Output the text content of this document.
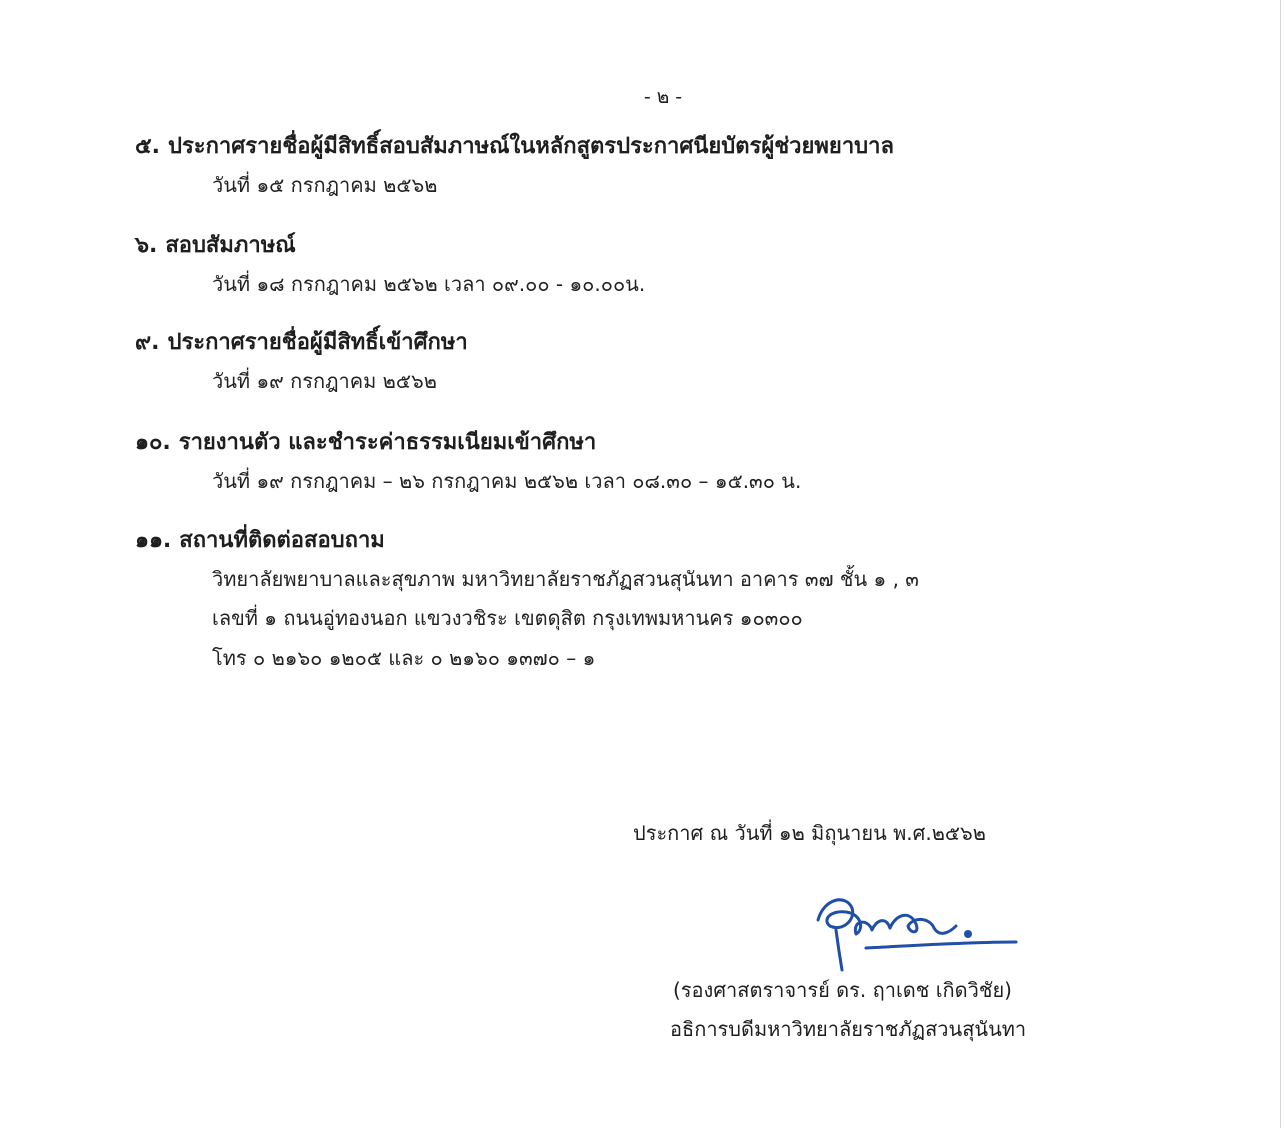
- ๒ -
๕. ประกาศรายชื่อผู้มีสิทธิ์สอบสัมภาษณ์ในหลักสูตรประกาศนียบัตรผู้ช่วยพยาบาล
วันที่ ๑๕ กรกฎาคม ๒๕๖๒
๖. สอบสัมภาษณ์
วันที่ ๑๘ กรกฎาคม ๒๕๖๒ เวลา ๐๙.๐๐ - ๑๐.๐๐น.
๙. ประกาศรายชื่อผู้มีสิทธิ์เข้าศึกษา
วันที่ ๑๙ กรกฎาคม ๒๕๖๒
๑๐. รายงานตัว และชำระค่าธรรมเนียมเข้าศึกษา
วันที่ ๑๙ กรกฎาคม – ๒๖ กรกฎาคม ๒๕๖๒ เวลา ๐๘.๓๐ – ๑๕.๓๐ น.
๑๑. สถานที่ติดต่อสอบถาม
วิทยาลัยพยาบาลและสุขภาพ มหาวิทยาลัยราชภัฏสวนสุนันทา อาคาร ๓๗ ชั้น ๑ , ๓
เลขที่ ๑ ถนนอู่ทองนอก แขวงวชิระ เขตดุสิต กรุงเทพมหานคร ๑๐๓๐๐
โทร ๐ ๒๑๖๐ ๑๒๐๕ และ ๐ ๒๑๖๐ ๑๓๗๐ – ๑
ประกาศ ณ วันที่ ๑๒ มิถุนายน พ.ศ.๒๕๖๒
(รองศาสตราจารย์ ดร. ฤาเดช เกิดวิชัย)
อธิการบดีมหาวิทยาลัยราชภัฏสวนสุนันทา
